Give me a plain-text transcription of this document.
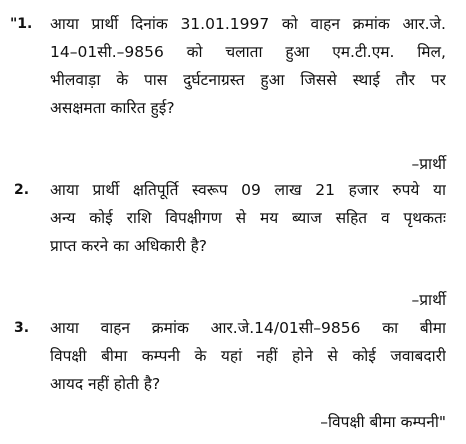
"1. आया प्रार्थी दिनांक 31.01.1997 को वाहन क्रमांक आर.जे.
14–01सी.–9856 को चलाता हुआ एम.टी.एम. मिल,
भीलवाड़ा के पास दुर्घटनाग्रस्त हुआ जिससे स्थाई तौर पर
असक्षमता कारित हुई?
–प्रार्थी
2. आया प्रार्थी क्षतिपूर्ति स्वरूप 09 लाख 21 हजार रुपये या
अन्य कोई राशि विपक्षीगण से मय ब्याज सहित व पृथकतः
प्राप्त करने का अधिकारी है?
–प्रार्थी
3. आया वाहन क्रमांक आर.जे.14/01सी–9856 का बीमा
विपक्षी बीमा कम्पनी के यहां नहीं होने से कोई जवाबदारी
आयद नहीं होती है?
–विपक्षी बीमा कम्पनी"
